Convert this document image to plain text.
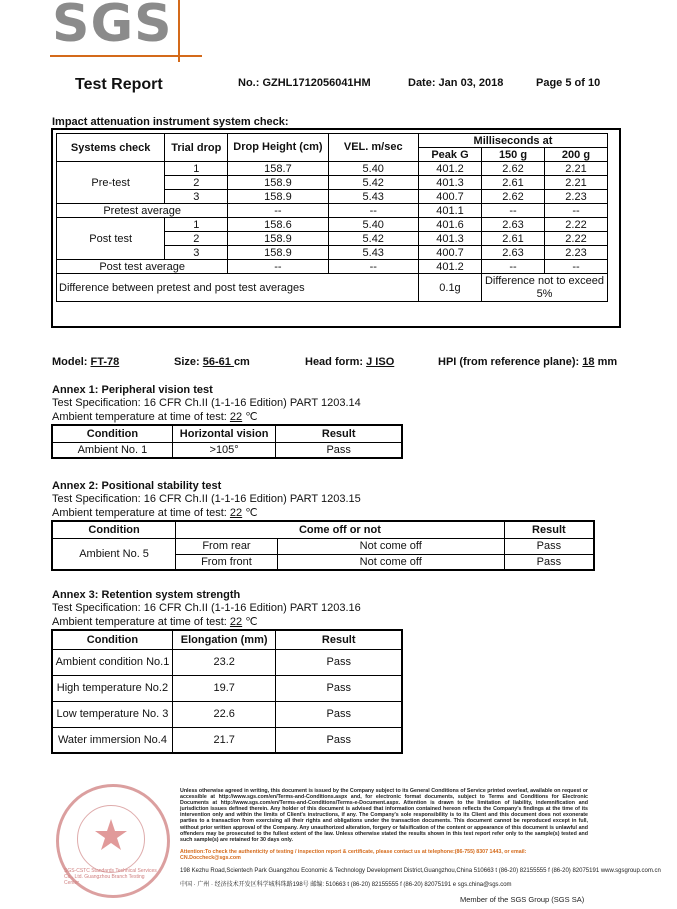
SGS
Test Report	No.: GZHL1712056041HM	Date: Jan 03, 2018	Page 5 of 10
Impact attenuation instrument system check:
Systems check	Trial drop	Drop Height (cm)	VEL. m/sec	Milliseconds at		
				Peak G	150 g	200 g
Pre-test	1	158.7	5.40	401.2	2.62	2.21
	2	158.9	5.42	401.3	2.61	2.21
	3	158.9	5.43	400.7	2.62	2.23
Pretest average		--	--	401.1	--	--
Post test	1	158.6	5.40	401.6	2.63	2.22
	2	158.9	5.42	401.3	2.61	2.22
	3	158.9	5.43	400.7	2.63	2.23
Post test average		--	--	401.2	--	--
Difference between pretest and post test averages				0.1g	Difference not to exceed 5%	
Model: FT-78	Size: 56-61 cm	Head form: J ISO	HPI (from reference plane): 18 mm
Annex 1: Peripheral vision test
Test Specification: 16 CFR Ch.II (1-1-16 Edition) PART 1203.14
Ambient temperature at time of test: 22 ℃
Condition	Horizontal vision	Result
Ambient No. 1	>105°	Pass
Annex 2: Positional stability test
Test Specification: 16 CFR Ch.II (1-1-16 Edition) PART 1203.15
Ambient temperature at time of test: 22 ℃
Condition	Come off or not		Result
Ambient No. 5	From rear	Not come off	Pass
	From front	Not come off	Pass
Annex 3: Retention system strength
Test Specification: 16 CFR Ch.II (1-1-16 Edition) PART 1203.16
Ambient temperature at time of test: 22 ℃
Condition	Elongation (mm)	Result
Ambient condition No.1	23.2	Pass
High temperature No.2	19.7	Pass
Low temperature No. 3	22.6	Pass
Water immersion No.4	21.7	Pass
SGS-CSTC Standards Technical Services Co., Ltd. Guangzhou Branch Testing Center
Unless otherwise agreed in writing, this document is issued by the Company subject to its General Conditions of Service printed overleaf, available on request or accessible at http://www.sgs.com/en/Terms-and-Conditions.aspx and, for electronic format documents, subject to Terms and Conditions for Electronic Documents at http://www.sgs.com/en/Terms-and-Conditions/Terms-e-Document.aspx. Attention is drawn to the limitation of liability, indemnification and jurisdiction issues defined therein. Any holder of this document is advised that information contained hereon reflects the Company's findings at the time of its intervention only and within the limits of Client's instructions, if any. The Company's sole responsibility is to its Client and this document does not exonerate parties to a transaction from exercising all their rights and obligations under the transaction documents. This document cannot be reproduced except in full, without prior written approval of the Company. Any unauthorized alteration, forgery or falsification of the content or appearance of this document is unlawful and offenders may be prosecuted to the fullest extent of the law. Unless otherwise stated the results shown in this test report refer only to the sample(s) tested and such sample(s) are retained for 30 days only.
Attention:To check the authenticity of testing / inspection report & certificate, please contact us at telephone:(86-755) 8307 1443, or email: CN.Doccheck@sgs.com
198 Kezhu Road,Scientech Park Guangzhou Economic & Technology Development District,Guangzhou,China 510663 t (86-20) 82155555 f (86-20) 82075191 www.sgsgroup.com.cn
中国 · 广州 · 经济技术开发区科学城科珠路198号 邮编: 510663 t (86-20) 82155555 f (86-20) 82075191 e sgs.china@sgs.com
Member of the SGS Group (SGS SA)
